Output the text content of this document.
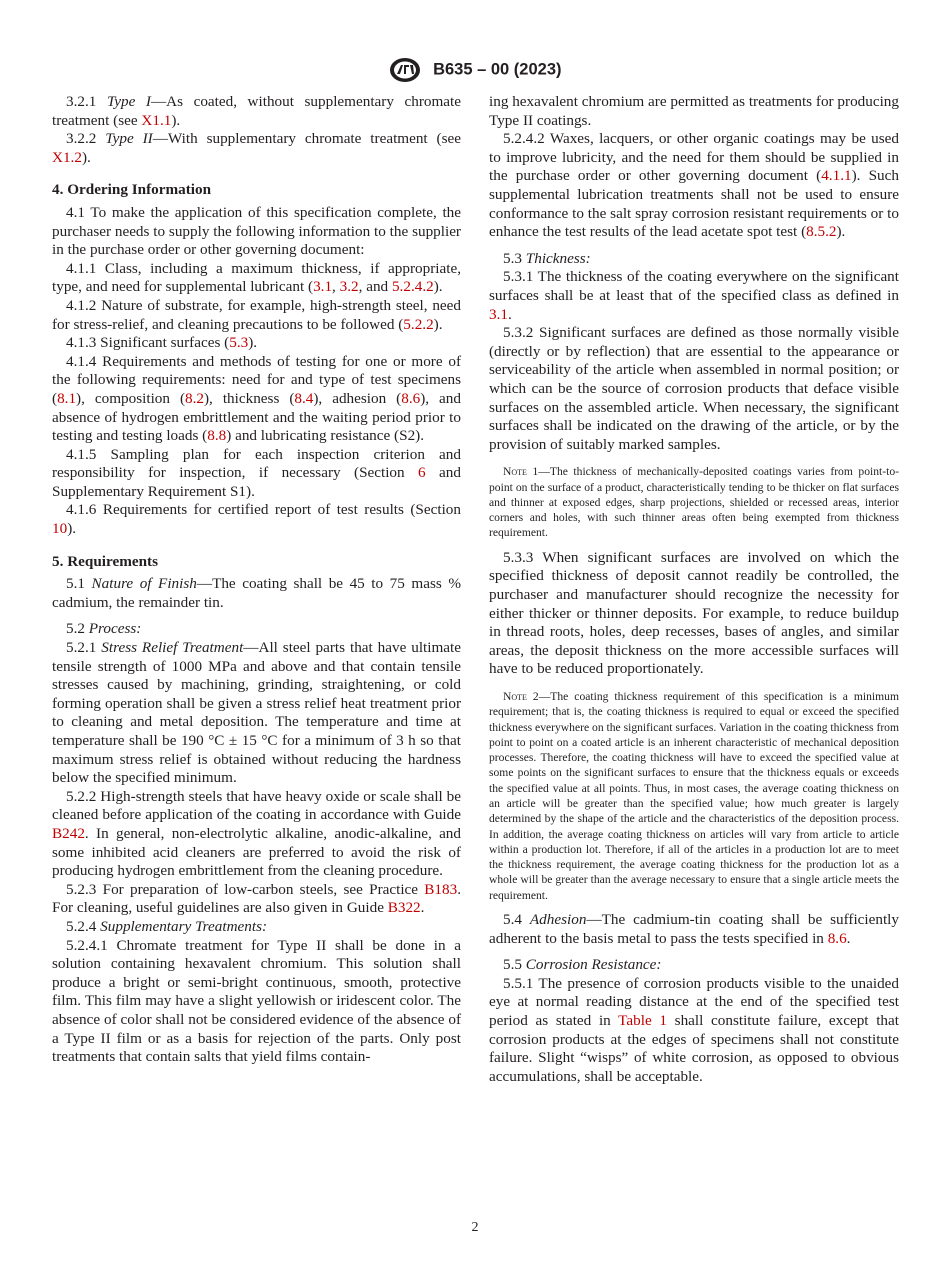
B635 – 00 (2023)

3.2.1 Type I—As coated, without supplementary chromate treatment (see X1.1).

3.2.2 Type II—With supplementary chromate treatment (see X1.2).

4. Ordering Information

4.1 To make the application of this specification complete, the purchaser needs to supply the following information to the supplier in the purchase order or other governing document:

4.1.1 Class, including a maximum thickness, if appropriate, type, and need for supplemental lubricant (3.1, 3.2, and 5.2.4.2).

4.1.2 Nature of substrate, for example, high-strength steel, need for stress-relief, and cleaning precautions to be followed (5.2.2).

4.1.3 Significant surfaces (5.3).

4.1.4 Requirements and methods of testing for one or more of the following requirements: need for and type of test specimens (8.1), composition (8.2), thickness (8.4), adhesion (8.6), and absence of hydrogen embrittlement and the waiting period prior to testing and testing loads (8.8) and lubricating resistance (S2).

4.1.5 Sampling plan for each inspection criterion and responsibility for inspection, if necessary (Section 6 and Supplementary Requirement S1).

4.1.6 Requirements for certified report of test results (Section 10).

5. Requirements

5.1 Nature of Finish—The coating shall be 45 to 75 mass % cadmium, the remainder tin.

5.2 Process:

5.2.1 Stress Relief Treatment—All steel parts that have ultimate tensile strength of 1000 MPa and above and that contain tensile stresses caused by machining, grinding, straightening, or cold forming operation shall be given a stress relief heat treatment prior to cleaning and metal deposition. The temperature and time at temperature shall be 190 °C ± 15 °C for a minimum of 3 h so that maximum stress relief is obtained without reducing the hardness below the specified minimum.

5.2.2 High-strength steels that have heavy oxide or scale shall be cleaned before application of the coating in accordance with Guide B242. In general, non-electrolytic alkaline, anodic-alkaline, and some inhibited acid cleaners are preferred to avoid the risk of producing hydrogen embrittlement from the cleaning procedure.

5.2.3 For preparation of low-carbon steels, see Practice B183. For cleaning, useful guidelines are also given in Guide B322.

5.2.4 Supplementary Treatments:

5.2.4.1 Chromate treatment for Type II shall be done in a solution containing hexavalent chromium. This solution shall produce a bright or semi-bright continuous, smooth, protective film. This film may have a slight yellowish or iridescent color. The absence of color shall not be considered evidence of the absence of a Type II film or as a basis for rejection of the parts. Only post treatments that contain salts that yield films contain-

ing hexavalent chromium are permitted as treatments for producing Type II coatings.

5.2.4.2 Waxes, lacquers, or other organic coatings may be used to improve lubricity, and the need for them should be supplied in the purchase order or other governing document (4.1.1). Such supplemental lubrication treatments shall not be used to ensure conformance to the salt spray corrosion resistant requirements or to enhance the test results of the lead acetate spot test (8.5.2).

5.3 Thickness:

5.3.1 The thickness of the coating everywhere on the significant surfaces shall be at least that of the specified class as defined in 3.1.

5.3.2 Significant surfaces are defined as those normally visible (directly or by reflection) that are essential to the appearance or serviceability of the article when assembled in normal position; or which can be the source of corrosion products that deface visible surfaces on the assembled article. When necessary, the significant surfaces shall be indicated on the drawing of the article, or by the provision of suitably marked samples.

Note 1—The thickness of mechanically-deposited coatings varies from point-to-point on the surface of a product, characteristically tending to be thicker on flat surfaces and thinner at exposed edges, sharp projections, shielded or recessed areas, interior corners and holes, with such thinner areas often being exempted from thickness requirement.

5.3.3 When significant surfaces are involved on which the specified thickness of deposit cannot readily be controlled, the purchaser and manufacturer should recognize the necessity for either thicker or thinner deposits. For example, to reduce buildup in thread roots, holes, deep recesses, bases of angles, and similar areas, the deposit thickness on the more accessible surfaces will have to be reduced proportionately.

Note 2—The coating thickness requirement of this specification is a minimum requirement; that is, the coating thickness is required to equal or exceed the specified thickness everywhere on the significant surfaces. Variation in the coating thickness from point to point on a coated article is an inherent characteristic of mechanical deposition processes. Therefore, the coating thickness will have to exceed the specified value at some points on the significant surfaces to ensure that the thickness equals or exceeds the specified value at all points. Thus, in most cases, the average coating thickness on an article will be greater than the specified value; how much greater is largely determined by the shape of the article and the characteristics of the deposition process. In addition, the average coating thickness on articles will vary from article to article within a production lot. Therefore, if all of the articles in a production lot are to meet the thickness requirement, the average coating thickness for the production lot as a whole will be greater than the average necessary to ensure that a single article meets the requirement.

5.4 Adhesion—The cadmium-tin coating shall be sufficiently adherent to the basis metal to pass the tests specified in 8.6.

5.5 Corrosion Resistance:

5.5.1 The presence of corrosion products visible to the unaided eye at normal reading distance at the end of the specified test period as stated in Table 1 shall constitute failure, except that corrosion products at the edges of specimens shall not constitute failure. Slight “wisps” of white corrosion, as opposed to obvious accumulations, shall be acceptable.

2
